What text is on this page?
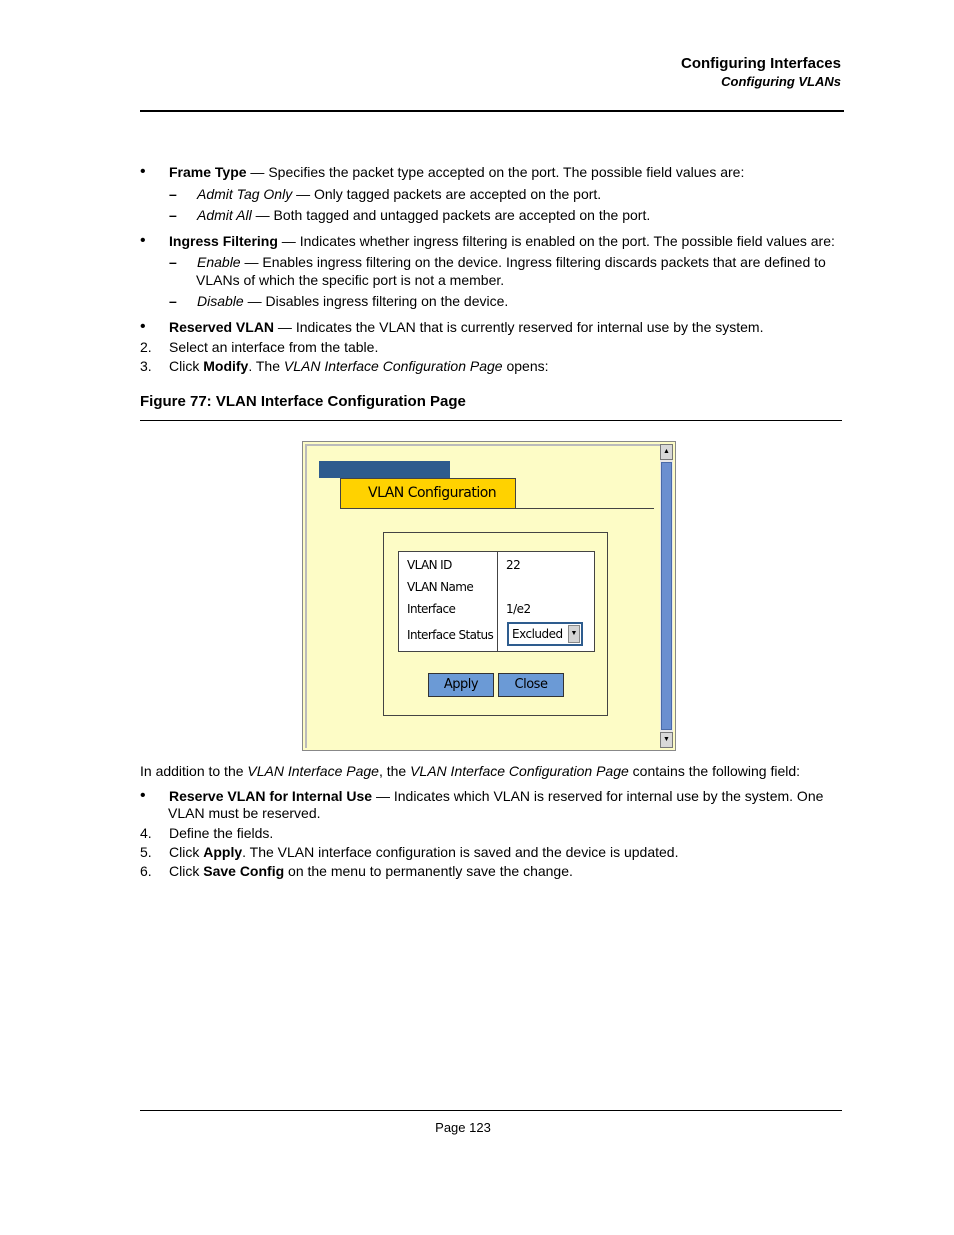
Configuring Interfaces
Configuring VLANs
• Frame Type — Specifies the packet type accepted on the port. The possible field values are:
– Admit Tag Only — Only tagged packets are accepted on the port.
– Admit All — Both tagged and untagged packets are accepted on the port.
• Ingress Filtering — Indicates whether ingress filtering is enabled on the port. The possible field values are:
– Enable — Enables ingress filtering on the device. Ingress filtering discards packets that are defined to
VLANs of which the specific port is not a member.
– Disable — Disables ingress filtering on the device.
• Reserved VLAN — Indicates the VLAN that is currently reserved for internal use by the system.
2. Select an interface from the table.
3. Click Modify. The VLAN Interface Configuration Page opens:
Figure 77: VLAN Interface Configuration Page
VLAN Configuration
VLAN ID	22
VLAN Name
Interface	1/e2
Interface Status Excluded	▼
Apply	Close
▲
▼
In addition to the VLAN Interface Page, the VLAN Interface Configuration Page contains the following field:
• Reserve VLAN for Internal Use — Indicates which VLAN is reserved for internal use by the system. One
VLAN must be reserved.
4. Define the fields.
5. Click Apply. The VLAN interface configuration is saved and the device is updated.
6. Click Save Config on the menu to permanently save the change.
Page 123
